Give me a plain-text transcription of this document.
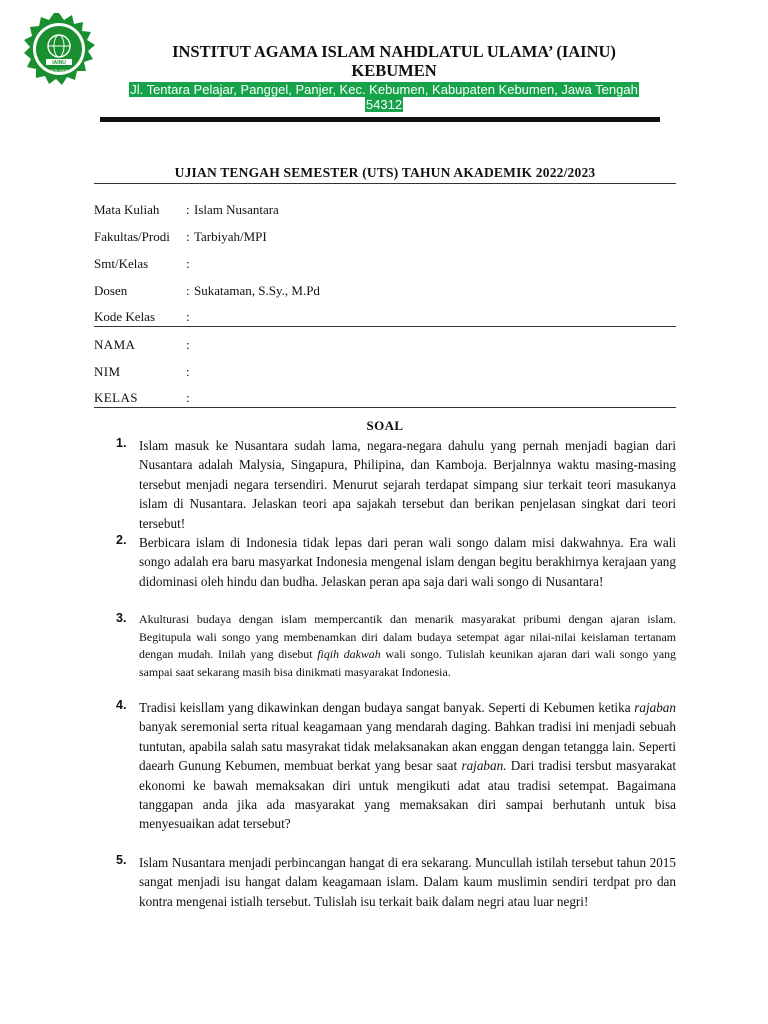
IAINU
KEBUMEN
INSTITUT AGAMA ISLAM NAHDLATUL ULAMA’ (IAINU)
KEBUMEN
Jl. Tentara Pelajar, Panggel, Panjer, Kec. Kebumen, Kabupaten Kebumen, Jawa Tengah
54312
UJIAN TENGAH SEMESTER (UTS) TAHUN AKADEMIK 2022/2023
Mata Kuliah : Islam Nusantara
Fakultas/Prodi : Tarbiyah/MPI
Smt/Kelas	:
Dosen	: Sukataman, S.Sy., M.Pd
Kode Kelas :
NAMA	:
NIM	:
KELAS	:
SOAL
1. Islam masuk ke Nusantara sudah lama, negara-negara dahulu yang pernah menjadi bagian dari Nusantara adalah Malysia, Singapura, Philipina, dan Kamboja. Berjalnnya waktu masing-masing tersebut menjadi negara tersendiri. Menurut sejarah terdapat simpang siur terkait teori masukanya islam di Nusantara. Jelaskan teori apa sajakah tersebut dan berikan penjelasan singkat dari teori tersebut!
2. Berbicara islam di Indonesia tidak lepas dari peran wali songo dalam misi dakwahnya. Era wali songo adalah era baru masyarkat Indonesia mengenal islam dengan begitu berakhirnya kerajaan yang didominasi oleh hindu dan budha. Jelaskan peran apa saja dari wali songo di Nusantara!
3. Akulturasi budaya dengan islam mempercantik dan menarik masyarakat pribumi dengan ajaran islam. Begitupula wali songo yang membenamkan diri dalam budaya setempat agar nilai-nilai keislaman tertanam dengan mudah. Inilah yang disebut fiqih dakwah wali songo. Tulislah keunikan ajaran dari wali songo yang sampai saat sekarang masih bisa dinikmati masyarakat Indonesia.
4. Tradisi keisllam yang dikawinkan dengan budaya sangat banyak. Seperti di Kebumen ketika rajaban banyak seremonial serta ritual keagamaan yang mendarah daging. Bahkan tradisi ini menjadi sebuah tuntutan, apabila salah satu masyrakat tidak melaksanakan akan enggan dengan tetangga lain. Seperti daearh Gunung Kebumen, membuat berkat yang besar saat rajaban. Dari tradisi tersbut masyarakat ekonomi ke bawah memaksakan diri untuk mengikuti adat atau tradisi setempat. Bagaimana tanggapan anda jika ada masyarakat yang memaksakan diri sampai berhutanh untuk bisa menyesuaikan adat tersebut?
5. Islam Nusantara menjadi perbincangan hangat di era sekarang. Muncullah istilah tersebut tahun 2015 sangat menjadi isu hangat dalam keagamaan islam. Dalam kaum muslimin sendiri terdpat pro dan kontra mengenai istialh tersebut. Tulislah isu terkait baik dalam negri atau luar negri!
